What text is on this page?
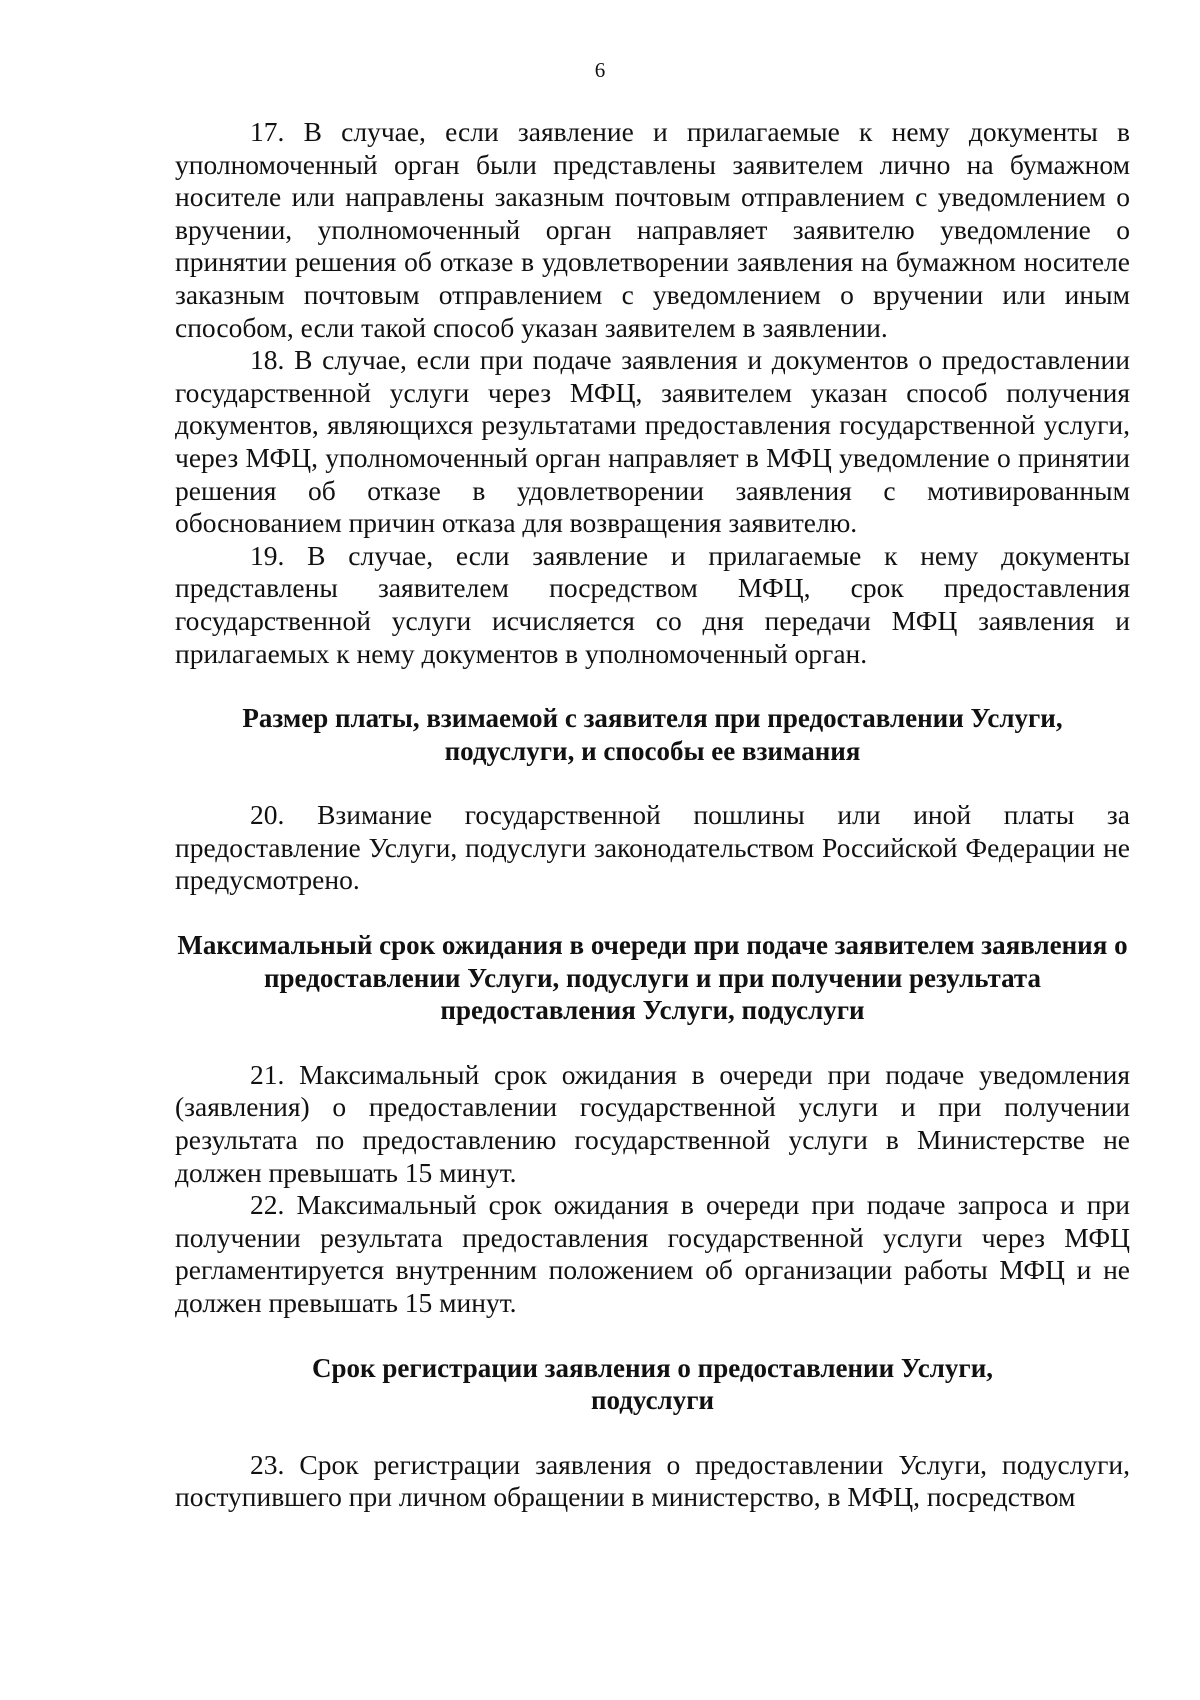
6

17. В случае, если заявление и прилагаемые к нему документы в уполномоченный орган были представлены заявителем лично на бумажном носителе или направлены заказным почтовым отправлением с уведомлением о вручении, уполномоченный орган направляет заявителю уведомление о принятии решения об отказе в удовлетворении заявления на бумажном носителе заказным почтовым отправлением с уведомлением о вручении или иным способом, если такой способ указан заявителем в заявлении.

18. В случае, если при подаче заявления и документов о предоставлении государственной услуги через МФЦ, заявителем указан способ получения документов, являющихся результатами предоставления государственной услуги, через МФЦ, уполномоченный орган направляет в МФЦ уведомление о принятии решения об отказе в удовлетворении заявления с мотивированным обоснованием причин отказа для возвращения заявителю.

19. В случае, если заявление и прилагаемые к нему документы представлены заявителем посредством МФЦ, срок предоставления государственной услуги исчисляется со дня передачи МФЦ заявления и прилагаемых к нему документов в уполномоченный орган.

Размер платы, взимаемой с заявителя при предоставлении Услуги, подуслуги, и способы ее взимания

20. Взимание государственной пошлины или иной платы за предоставление Услуги, подуслуги законодательством Российской Федерации не предусмотрено.

Максимальный срок ожидания в очереди при подаче заявителем заявления о предоставлении Услуги, подуслуги и при получении результата предоставления Услуги, подуслуги

21. Максимальный срок ожидания в очереди при подаче уведомления (заявления) о предоставлении государственной услуги и при получении результата по предоставлению государственной услуги в Министерстве не должен превышать 15 минут.

22. Максимальный срок ожидания в очереди при подаче запроса и при получении результата предоставления государственной услуги через МФЦ регламентируется внутренним положением об организации работы МФЦ и не должен превышать 15 минут.

Срок регистрации заявления о предоставлении Услуги, подуслуги

23. Срок регистрации заявления о предоставлении Услуги, подуслуги, поступившего при личном обращении в министерство, в МФЦ, посредством
